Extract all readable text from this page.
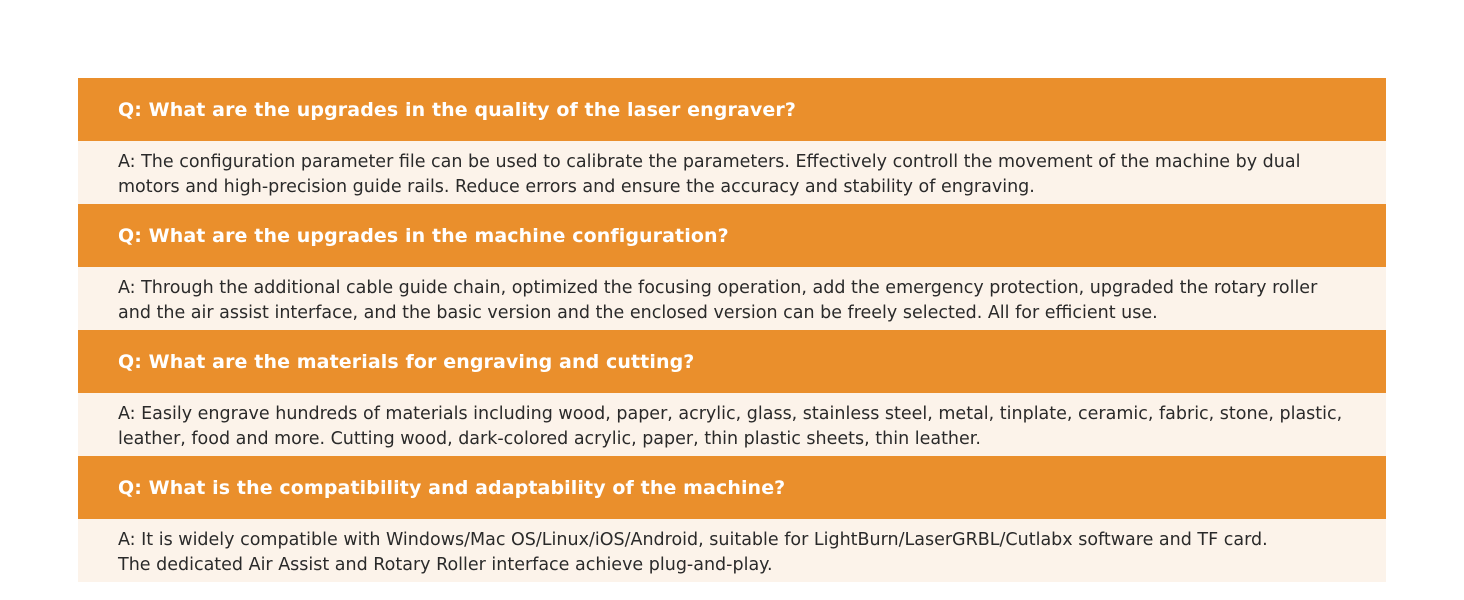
Q: What are the upgrades in the quality of the laser engraver?
A: The configuration parameter file can be used to calibrate the parameters. Effectively controll the movement of the machine by dual
motors and high-precision guide rails. Reduce errors and ensure the accuracy and stability of engraving.
Q: What are the upgrades in the machine configuration?
A: Through the additional cable guide chain, optimized the focusing operation, add the emergency protection, upgraded the rotary roller
and the air assist interface, and the basic version and the enclosed version can be freely selected. All for efficient use.
Q: What are the materials for engraving and cutting?
A: Easily engrave hundreds of materials including wood, paper, acrylic, glass, stainless steel, metal, tinplate, ceramic, fabric, stone, plastic,
leather, food and more. Cutting wood, dark-colored acrylic, paper, thin plastic sheets, thin leather.
Q: What is the compatibility and adaptability of the machine?
A: It is widely compatible with Windows/Mac OS/Linux/iOS/Android, suitable for LightBurn/LaserGRBL/Cutlabx software and TF card.
The dedicated Air Assist and Rotary Roller interface achieve plug-and-play.
